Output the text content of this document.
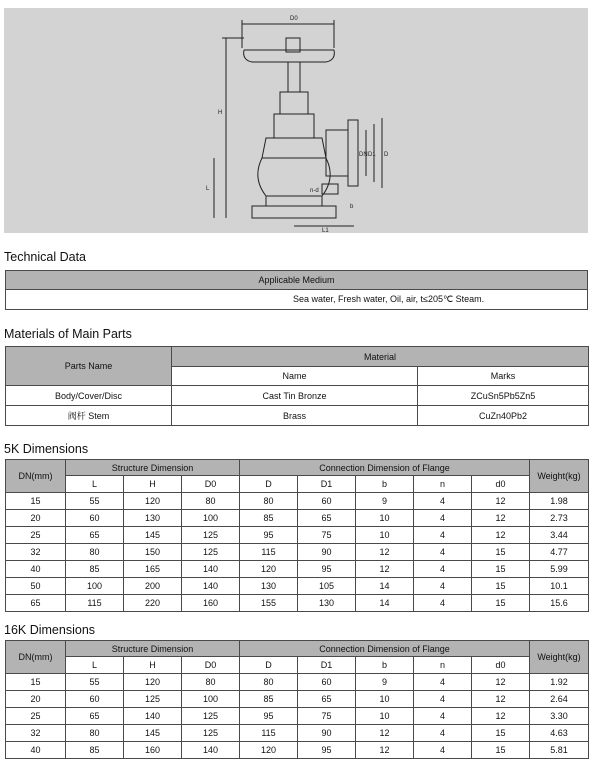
D0
H
L
L1
DN D1 D
b
n-d
Technical Data
Applicable Medium
Sea water, Fresh water, Oil, air, t≤205℃ Steam.
Materials of Main Parts
Parts Name	Material	
	Name	Marks
Body/Cover/Disc	Cast Tin Bronze	ZCuSn5Pb5Zn5
阀杆 Stem	Brass	CuZn40Pb2
5K Dimensions
DN(mm)	Structure Dimension			Connection Dimension of Flange					Weight(kg)
	L	H	D0	D	D1	b	n	d0	
15	55	120	80	80	60	9	4	12	1.98
20	60	130	100	85	65	10	4	12	2.73
25	65	145	125	95	75	10	4	12	3.44
32	80	150	125	115	90	12	4	15	4.77
40	85	165	140	120	95	12	4	15	5.99
50	100	200	140	130	105	14	4	15	10.1
65	115	220	160	155	130	14	4	15	15.6
16K Dimensions
DN(mm)	Structure Dimension			Connection Dimension of Flange					Weight(kg)
	L	H	D0	D	D1	b	n	d0	
15	55	120	80	80	60	9	4	12	1.92
20	60	125	100	85	65	10	4	12	2.64
25	65	140	125	95	75	10	4	12	3.30
32	80	145	125	115	90	12	4	15	4.63
40	85	160	140	120	95	12	4	15	5.81
